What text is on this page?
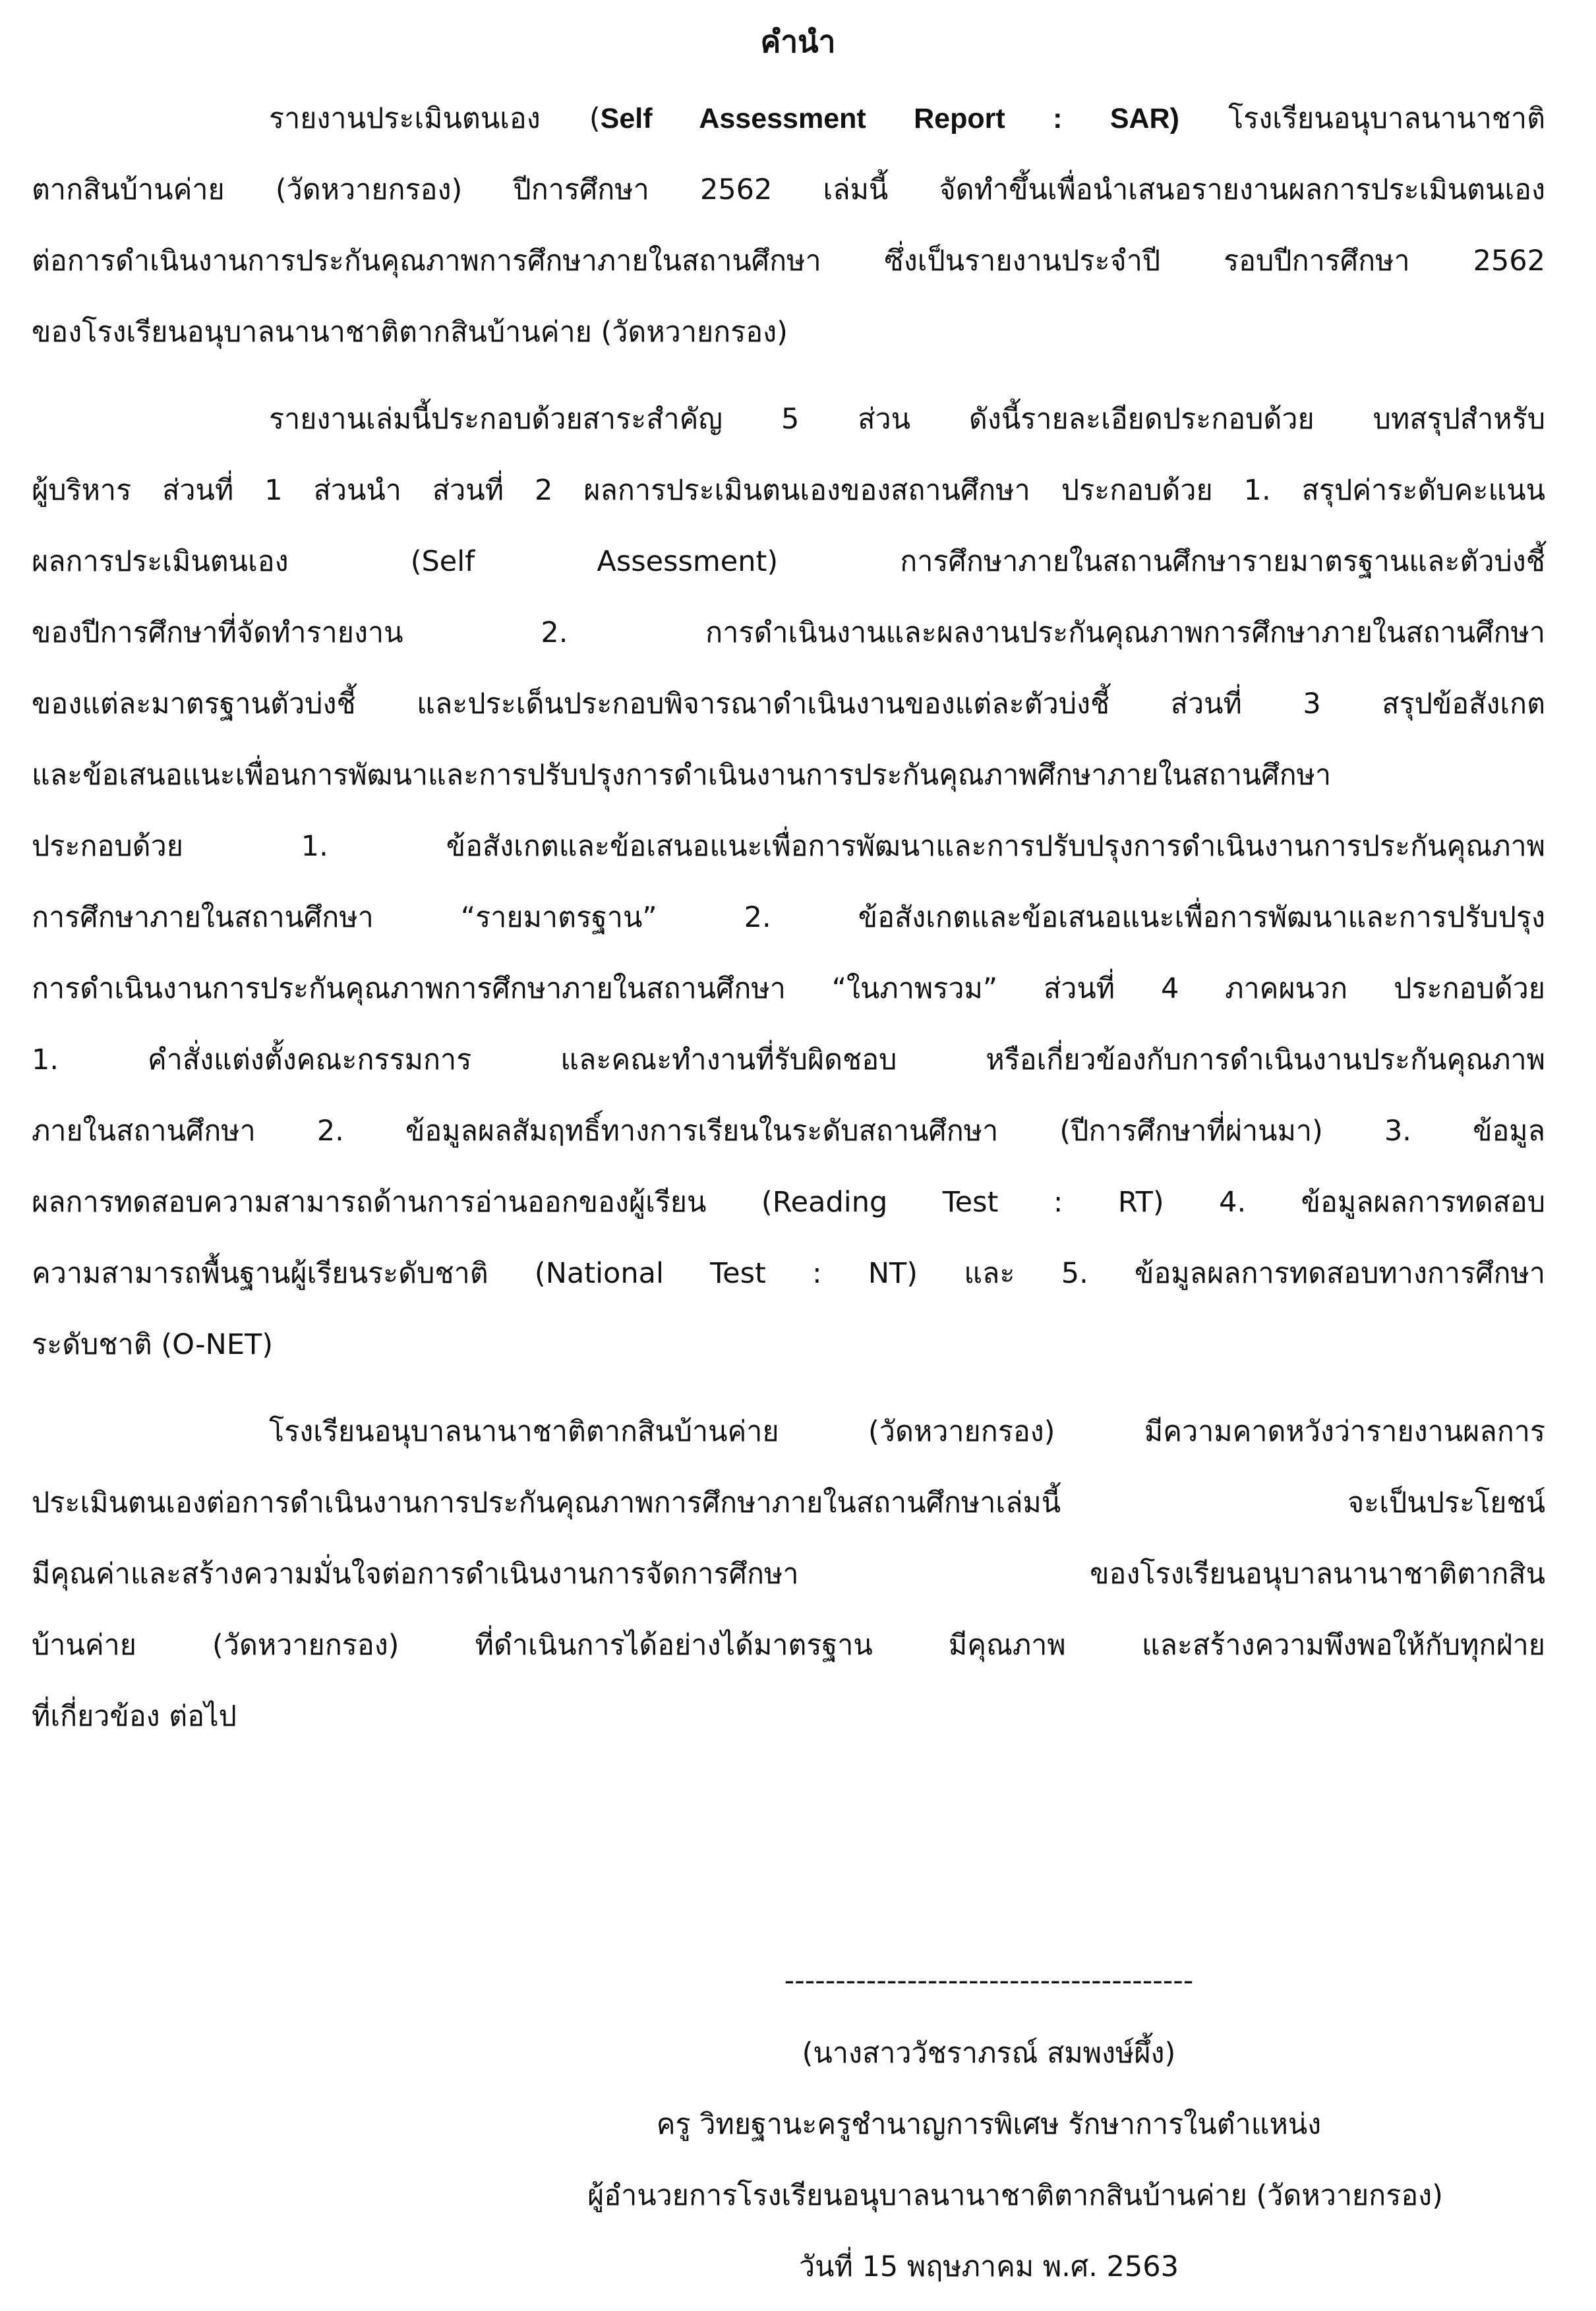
คำนำ
รายงานประเมินตนเอง (Self Assessment Report : SAR) โรงเรียนอนุบาลนานาชาติ
ตากสินบ้านค่าย (วัดหวายกรอง) ปีการศึกษา 2562 เล่มนี้ จัดทำขึ้นเพื่อนำเสนอรายงานผลการประเมินตนเอง
ต่อการดำเนินงานการประกันคุณภาพการศึกษาภายในสถานศึกษา ซึ่งเป็นรายงานประจำปี รอบปีการศึกษา 2562
ของโรงเรียนอนุบาลนานาชาติตากสินบ้านค่าย (วัดหวายกรอง)
รายงานเล่มนี้ประกอบด้วยสาระสำคัญ 5 ส่วน ดังนี้รายละเอียดประกอบด้วย บทสรุปสำหรับ
ผู้บริหาร ส่วนที่ 1 ส่วนนำ ส่วนที่ 2 ผลการประเมินตนเองของสถานศึกษา ประกอบด้วย 1. สรุปค่าระดับคะแนน
ผลการประเมินตนเอง (Self Assessment) การศึกษาภายในสถานศึกษารายมาตรฐานและตัวบ่งชี้
ของปีการศึกษาที่จัดทำรายงาน 2. การดำเนินงานและผลงานประกันคุณภาพการศึกษาภายในสถานศึกษา
ของแต่ละมาตรฐานตัวบ่งชี้ และประเด็นประกอบพิจารณาดำเนินงานของแต่ละตัวบ่งชี้ ส่วนที่ 3 สรุปข้อสังเกต
และข้อเสนอแนะเพื่อนการพัฒนาและการปรับปรุงการดำเนินงานการประกันคุณภาพศึกษาภายในสถานศึกษา
ประกอบด้วย 1. ข้อสังเกตและข้อเสนอแนะเพื่อการพัฒนาและการปรับปรุงการดำเนินงานการประกันคุณภาพ
การศึกษาภายในสถานศึกษา “รายมาตรฐาน” 2. ข้อสังเกตและข้อเสนอแนะเพื่อการพัฒนาและการปรับปรุง
การดำเนินงานการประกันคุณภาพการศึกษาภายในสถานศึกษา “ในภาพรวม” ส่วนที่ 4 ภาคผนวก ประกอบด้วย
1. คำสั่งแต่งตั้งคณะกรรมการ และคณะทำงานที่รับผิดชอบ หรือเกี่ยวข้องกับการดำเนินงานประกันคุณภาพ
ภายในสถานศึกษา 2. ข้อมูลผลสัมฤทธิ์ทางการเรียนในระดับสถานศึกษา (ปีการศึกษาที่ผ่านมา) 3. ข้อมูล
ผลการทดสอบความสามารถด้านการอ่านออกของผู้เรียน (Reading Test : RT) 4. ข้อมูลผลการทดสอบ
ความสามารถพื้นฐานผู้เรียนระดับชาติ (National Test : NT) และ 5. ข้อมูลผลการทดสอบทางการศึกษา
ระดับชาติ (O-NET)
โรงเรียนอนุบาลนานาชาติตากสินบ้านค่าย (วัดหวายกรอง) มีความคาดหวังว่ารายงานผลการ
ประเมินตนเองต่อการดำเนินงานการประกันคุณภาพการศึกษาภายในสถานศึกษาเล่มนี้ จะเป็นประโยชน์
มีคุณค่าและสร้างความมั่นใจต่อการดำเนินงานการจัดการศึกษา ของโรงเรียนอนุบาลนานาชาติตากสิน
บ้านค่าย (วัดหวายกรอง) ที่ดำเนินการได้อย่างได้มาตรฐาน มีคุณภาพ และสร้างความพึงพอให้กับทุกฝ่าย
ที่เกี่ยวข้อง ต่อไป
----------------------------------------
(นางสาววัชราภรณ์ สมพงษ์ผึ้ง)
ครู วิทยฐานะครูชำนาญการพิเศษ รักษาการในตำแหน่ง
ผู้อำนวยการโรงเรียนอนุบาลนานาชาติตากสินบ้านค่าย (วัดหวายกรอง)
วันที่ 15 พฤษภาคม พ.ศ. 2563
